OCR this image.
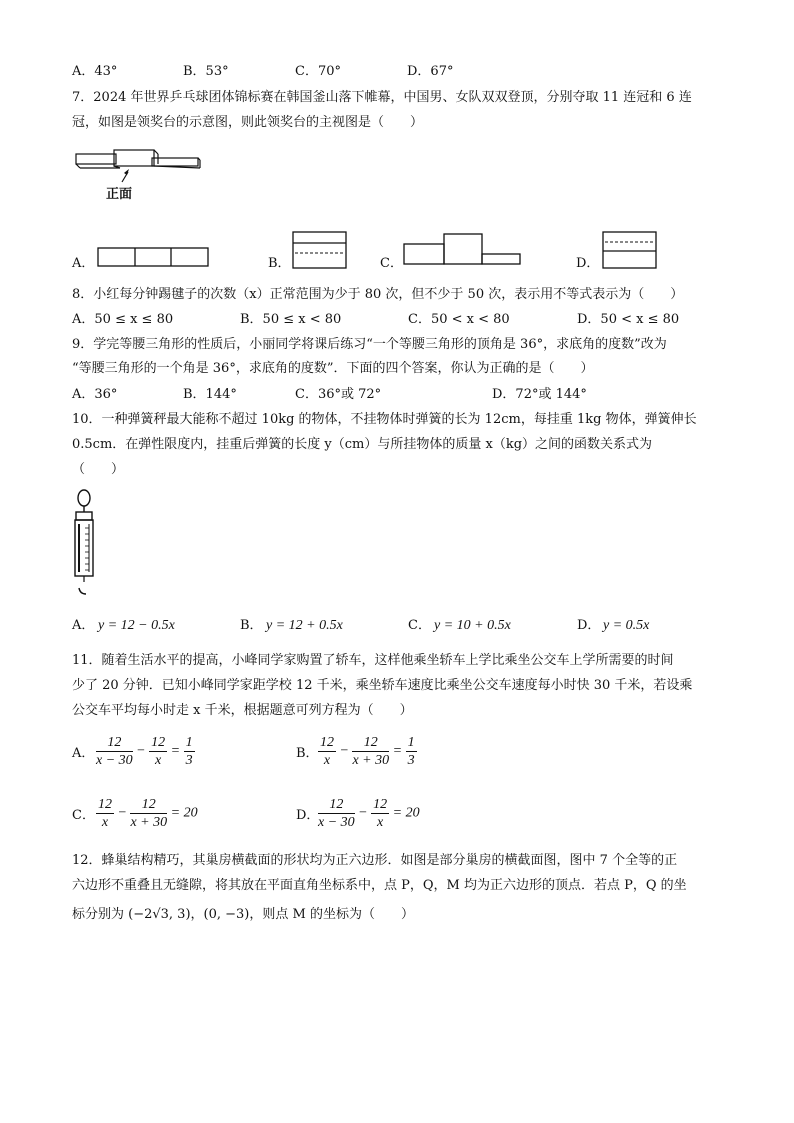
A．43°	B．53°	C．70°	D．67°
7．2024 年世界乒乓球团体锦标赛在韩国釜山落下帷幕，中国男、女队双双登顶，分别夺取 11 连冠和 6 连
冠，如图是领奖台的示意图，则此领奖台的主视图是（　　）
正面
A．	B．	C．	D．
8．小红每分钟踢毽子的次数（x）正常范围为少于 80 次，但不少于 50 次，表示用不等式表示为（　　）
A．50 ≤ x ≤ 80	B．50 ≤ x < 80	C．50 < x < 80	D．50 < x ≤ 80
9．学完等腰三角形的性质后，小丽同学将课后练习“一个等腰三角形的顶角是 36°，求底角的度数”改为
“等腰三角形的一个角是 36°，求底角的度数”．下面的四个答案，你认为正确的是（　　）
A．36°	B．144°	C．36°或 72°	D．72°或 144°
10．一种弹簧秤最大能称不超过 10kg 的物体，不挂物体时弹簧的长为 12cm，每挂重 1kg 物体，弹簧伸长
0.5cm．在弹性限度内，挂重后弹簧的长度 y（cm）与所挂物体的质量 x（kg）之间的函数关系式为
（　　）
A． y = 12 − 0.5x	B． y = 12 + 0.5x	C． y = 10 + 0.5x	D． y = 0.5x
11．随着生活水平的提高，小峰同学家购置了轿车，这样他乘坐轿车上学比乘坐公交车上学所需要的时间
少了 20 分钟．已知小峰同学家距学校 12 千米，乘坐轿车速度比乘坐公交车速度每小时快 30 千米，若设乘
公交车平均每小时走 x 千米，根据题意可列方程为（　　）
A． $\frac{12}{x - 30} - \frac{12}{x} = \frac{1}{3}$	B． $\frac{12}{x} - \frac{12}{x + 30} = \frac{1}{3}$
C． $\frac{12}{x} - \frac{12}{x + 30} = 20$	D．
$\frac{12}{x - 30} - \frac{12}{x} = 20$
12．蜂巢结构精巧，其巢房横截面的形状均为正六边形．如图是部分巢房的横截面图，图中 7 个全等的正
六边形不重叠且无缝隙，将其放在平面直角坐标系中，点 P，Q，M 均为正六边形的顶点．若点 P，Q 的坐
标分别为 (−2√3, 3)，(0, −3)，则点 M 的坐标为（　　）
